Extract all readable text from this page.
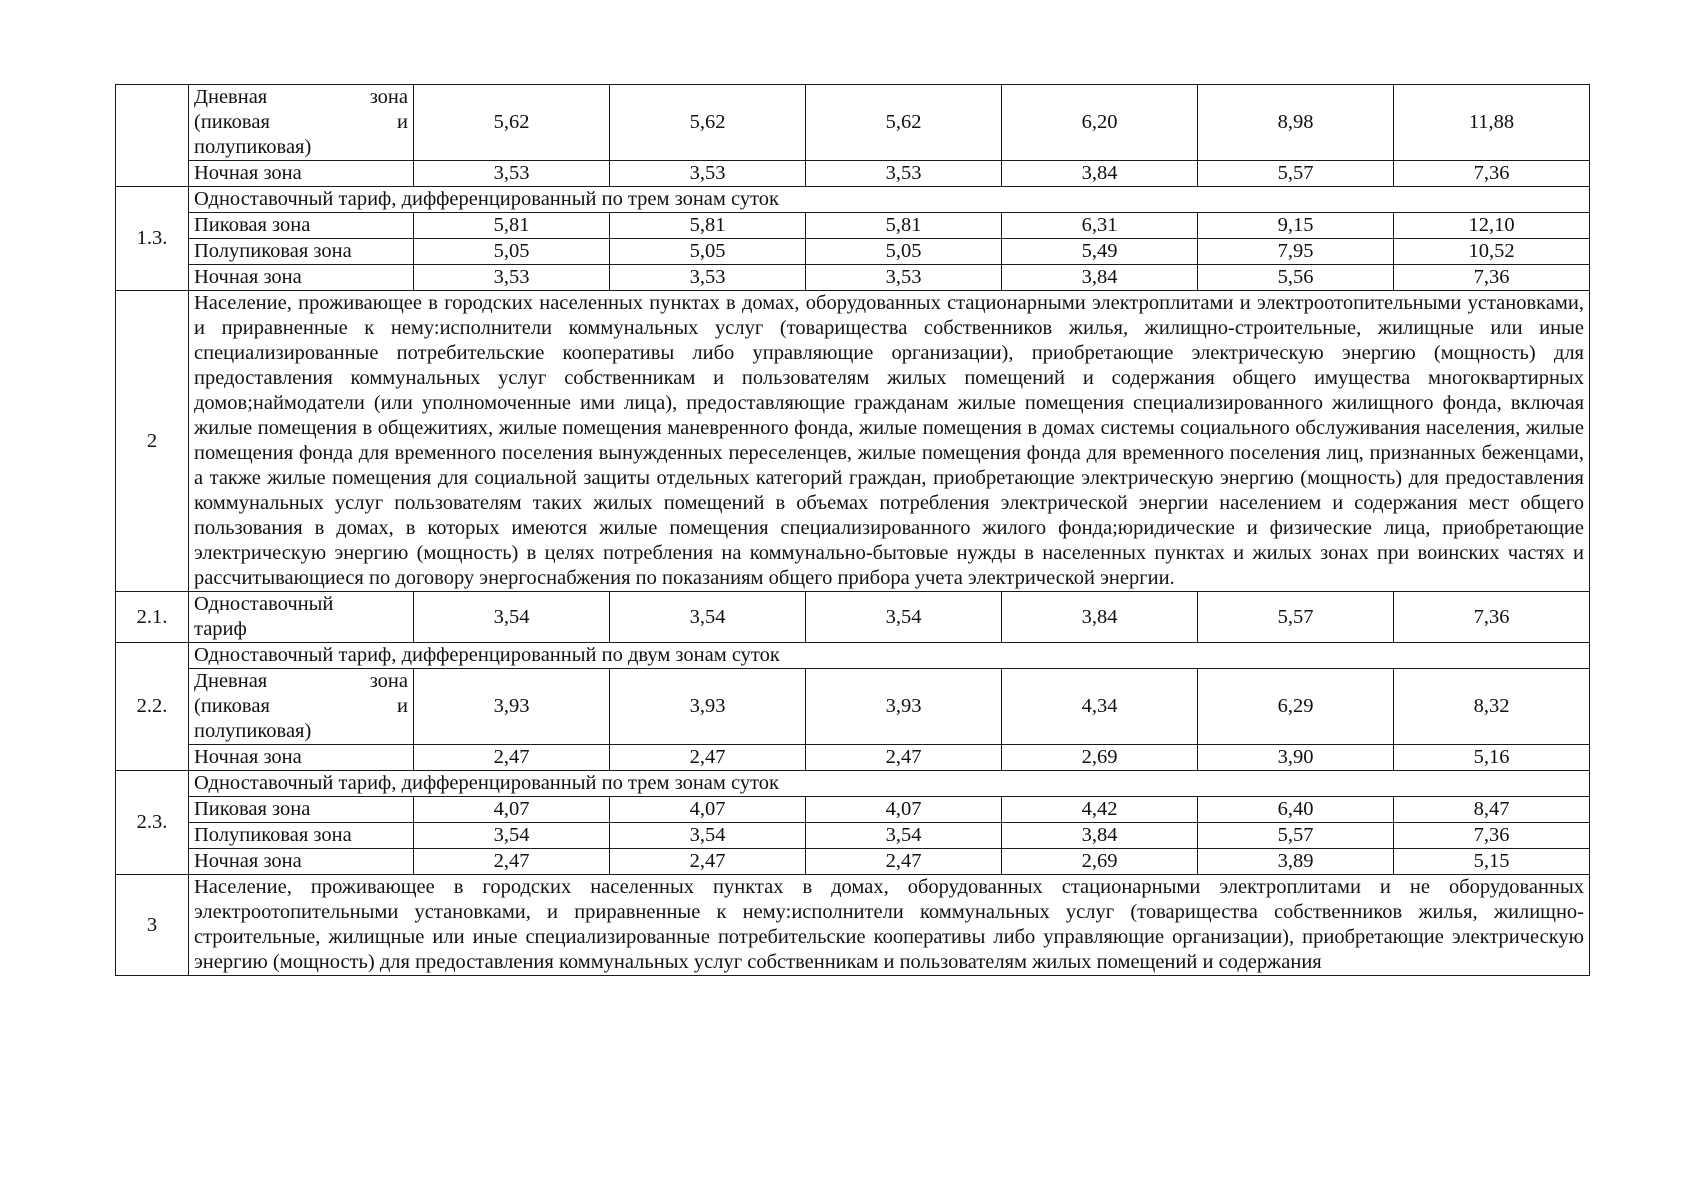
	Дневная зона
(пиковая и
полупиковая)	5,62	5,62	5,62	6,20	8,98	11,88
	Ночная зона	3,53	3,53	3,53	3,84	5,57	7,36
1.3.	Одноставочный тариф, дифференцированный по трем зонам суток						
	Пиковая зона	5,81	5,81	5,81	6,31	9,15	12,10
	Полупиковая зона	5,05	5,05	5,05	5,49	7,95	10,52
	Ночная зона	3,53	3,53	3,53	3,84	5,56	7,36
2	Население, проживающее в городских населенных пунктах в домах, оборудованных стационарными электроплитами и электроотопительными установками, и приравненные к нему:исполнители коммунальных услуг (товарищества собственников жилья, жилищно-строительные, жилищные или иные специализированные потребительские кооперативы либо управляющие организации), приобретающие электрическую энергию (мощность) для предоставления коммунальных услуг собственникам и пользователям жилых помещений и содержания общего имущества многоквартирных домов;наймодатели (или уполномоченные ими лица), предоставляющие гражданам жилые помещения специализированного жилищного фонда, включая жилые помещения в общежитиях, жилые помещения маневренного фонда, жилые помещения в домах системы социального обслуживания населения, жилые помещения фонда для временного поселения вынужденных переселенцев, жилые помещения фонда для временного поселения лиц, признанных беженцами, а также жилые помещения для социальной защиты отдельных категорий граждан, приобретающие электрическую энергию (мощность) для предоставления коммунальных услуг пользователям таких жилых помещений в объемах потребления электрической энергии населением и содержания мест общего пользования в домах, в которых имеются жилые помещения специализированного жилого фонда;юридические и физические лица, приобретающие электрическую энергию (мощность) в целях потребления на коммунально-бытовые нужды в населенных пунктах и жилых зонах при воинских частях и рассчитывающиеся по договору энергоснабжения по показаниям общего прибора учета электрической энергии.						
2.1.	Одноставочный
тариф	3,54	3,54	3,54	3,84	5,57	7,36
2.2.	Одноставочный тариф, дифференцированный по двум зонам суток						

	Дневная зона
(пиковая и
полупиковая)	3,93	3,93	3,93	4,34	6,29	8,32
	Ночная зона	2,47	2,47	2,47	2,69	3,90	5,16
2.3.	Одноставочный тариф, дифференцированный по трем зонам суток						
	Пиковая зона	4,07	4,07	4,07	4,42	6,40	8,47
	Полупиковая зона	3,54	3,54	3,54	3,84	5,57	7,36
	Ночная зона	2,47	2,47	2,47	2,69	3,89	5,15
3	Население, проживающее в городских населенных пунктах в домах, оборудованных стационарными электроплитами и не оборудованных электроотопительными установками, и приравненные к нему:исполнители коммунальных услуг (товарищества собственников жилья, жилищно-строительные, жилищные или иные специализированные потребительские кооперативы либо управляющие организации), приобретающие электрическую энергию (мощность) для предоставления коммунальных услуг собственникам и пользователям жилых помещений и содержания						
